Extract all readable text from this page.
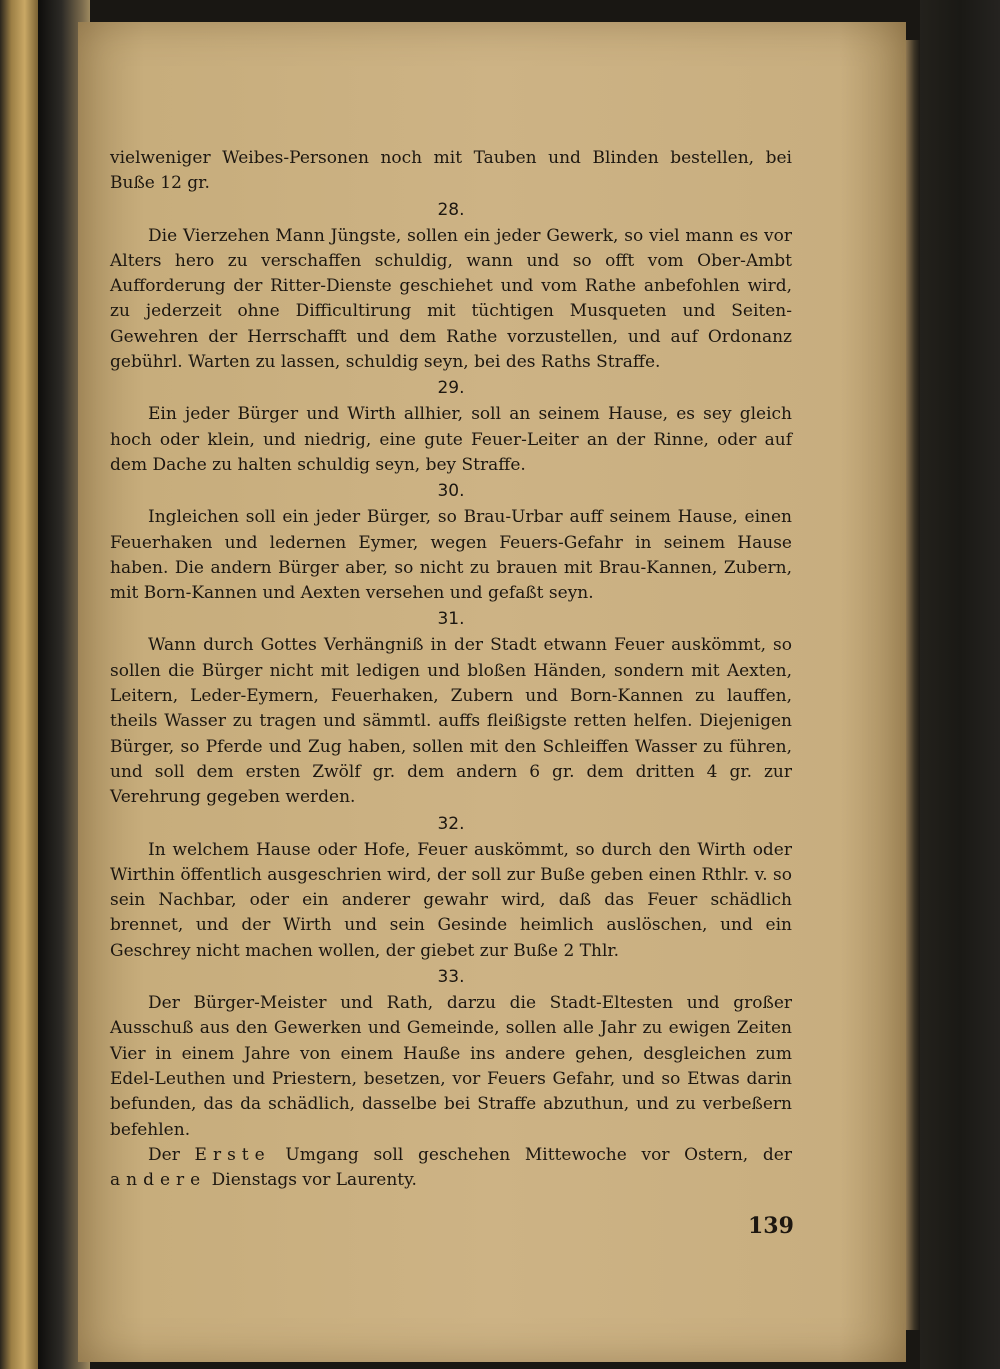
vielweniger Weibes-Personen noch mit Tauben und Blinden bestellen, bei Buße 12 gr.

28.

Die Vierzehen Mann Jüngste, sollen ein jeder Gewerk, so viel mann es vor Alters hero zu verschaffen schuldig, wann und so offt vom Ober-Ambt Aufforderung der Ritter-Dienste geschiehet und vom Rathe anbefohlen wird, zu jederzeit ohne Difficultirung mit tüchtigen Musqueten und Seiten-Gewehren der Herrschafft und dem Rathe vorzustellen, und auf Ordonanz gebührl. Warten zu lassen, schuldig seyn, bei des Raths Straffe.

29.

Ein jeder Bürger und Wirth allhier, soll an seinem Hause, es sey gleich hoch oder klein, und niedrig, eine gute Feuer-Leiter an der Rinne, oder auf dem Dache zu halten schuldig seyn, bey Straffe.

30.

Ingleichen soll ein jeder Bürger, so Brau-Urbar auff seinem Hause, einen Feuerhaken und ledernen Eymer, wegen Feuers-Gefahr in seinem Hause haben. Die andern Bürger aber, so nicht zu brauen mit Brau-Kannen, Zubern, mit Born-Kannen und Aexten versehen und gefaßt seyn.

31.

Wann durch Gottes Verhängniß in der Stadt etwann Feuer auskömmt, so sollen die Bürger nicht mit ledigen und bloßen Händen, sondern mit Aexten, Leitern, Leder-Eymern, Feuerhaken, Zubern und Born-Kannen zu lauffen, theils Wasser zu tragen und sämmtl. auffs fleißigste retten helfen. Diejenigen Bürger, so Pferde und Zug haben, sollen mit den Schleiffen Wasser zu führen, und soll dem ersten Zwölf gr. dem andern 6 gr. dem dritten 4 gr. zur Verehrung gegeben werden.

32.

In welchem Hause oder Hofe, Feuer auskömmt, so durch den Wirth oder Wirthin öffentlich ausgeschrien wird, der soll zur Buße geben einen Rthlr. v. so sein Nachbar, oder ein anderer gewahr wird, daß das Feuer schädlich brennet, und der Wirth und sein Gesinde heimlich auslöschen, und ein Geschrey nicht machen wollen, der giebet zur Buße 2 Thlr.

33.

Der Bürger-Meister und Rath, darzu die Stadt-Eltesten und großer Ausschuß aus den Gewerken und Gemeinde, sollen alle Jahr zu ewigen Zeiten Vier in einem Jahre von einem Hauße ins andere gehen, desgleichen zum Edel-Leuthen und Priestern, besetzen, vor Feuers Gefahr, und so Etwas darin befunden, das da schädlich, dasselbe bei Straffe abzuthun, und zu verbeßern befehlen.

Der Erste Umgang soll geschehen Mittewoche vor Ostern, der andere Dienstags vor Laurenty.

139
